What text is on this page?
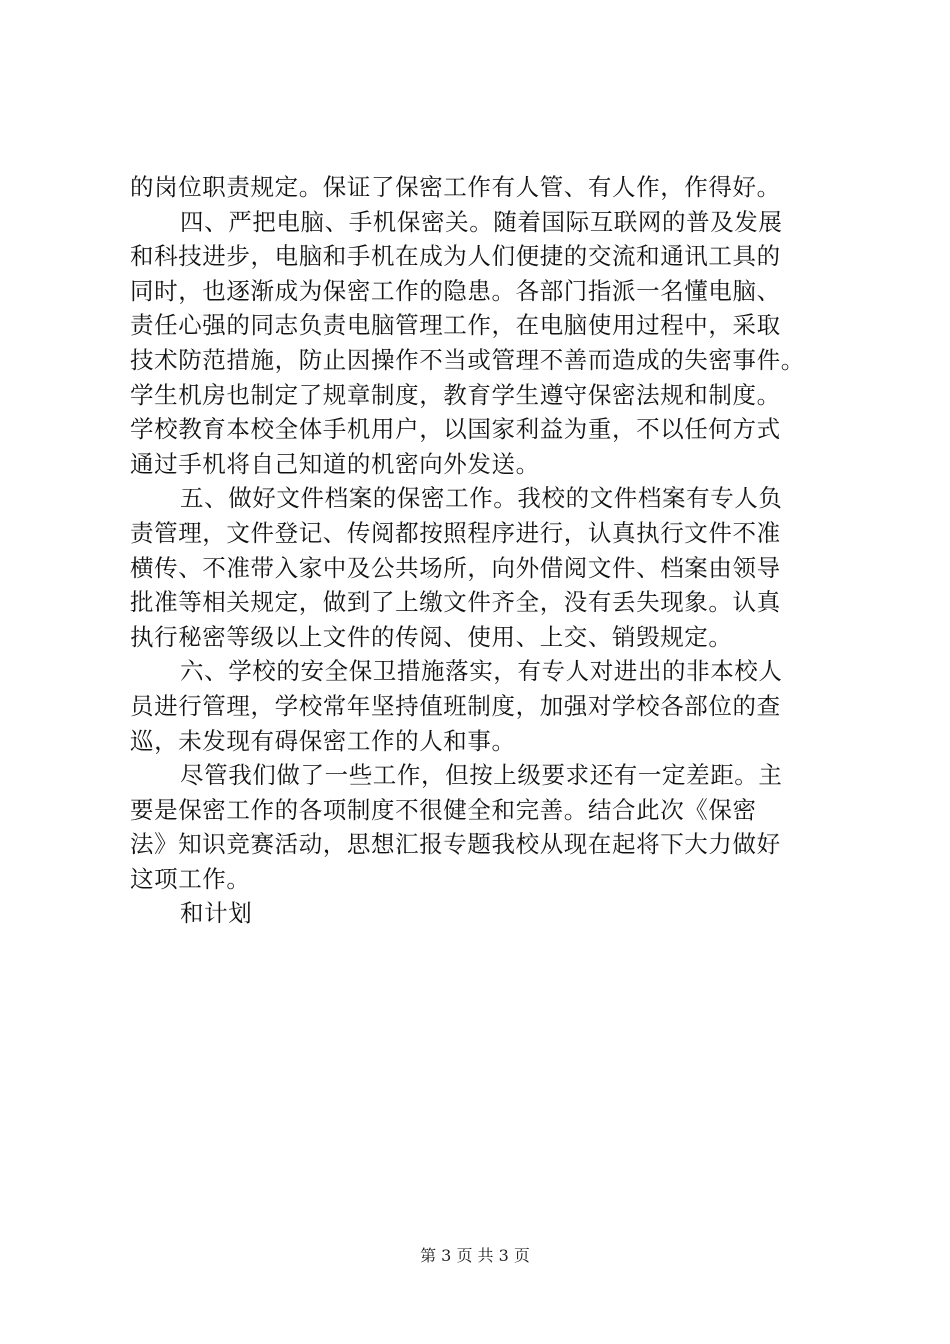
的岗位职责规定。保证了保密工作有人管、有人作，作得好。
四、严把电脑、手机保密关。随着国际互联网的普及发展
和科技进步，电脑和手机在成为人们便捷的交流和通讯工具的
同时，也逐渐成为保密工作的隐患。各部门指派一名懂电脑、
责任心强的同志负责电脑管理工作，在电脑使用过程中，采取
技术防范措施，防止因操作不当或管理不善而造成的失密事件。
学生机房也制定了规章制度，教育学生遵守保密法规和制度。
学校教育本校全体手机用户，以国家利益为重，不以任何方式
通过手机将自己知道的机密向外发送。
五、做好文件档案的保密工作。我校的文件档案有专人负
责管理，文件登记、传阅都按照程序进行，认真执行文件不准
横传、不准带入家中及公共场所，向外借阅文件、档案由领导
批准等相关规定，做到了上缴文件齐全，没有丢失现象。认真
执行秘密等级以上文件的传阅、使用、上交、销毁规定。
六、学校的安全保卫措施落实，有专人对进出的非本校人
员进行管理，学校常年坚持值班制度，加强对学校各部位的查
巡，未发现有碍保密工作的人和事。
尽管我们做了一些工作，但按上级要求还有一定差距。主
要是保密工作的各项制度不很健全和完善。结合此次《保密
法》知识竞赛活动，思想汇报专题我校从现在起将下大力做好
这项工作。
和计划
第 3 页 共 3 页
